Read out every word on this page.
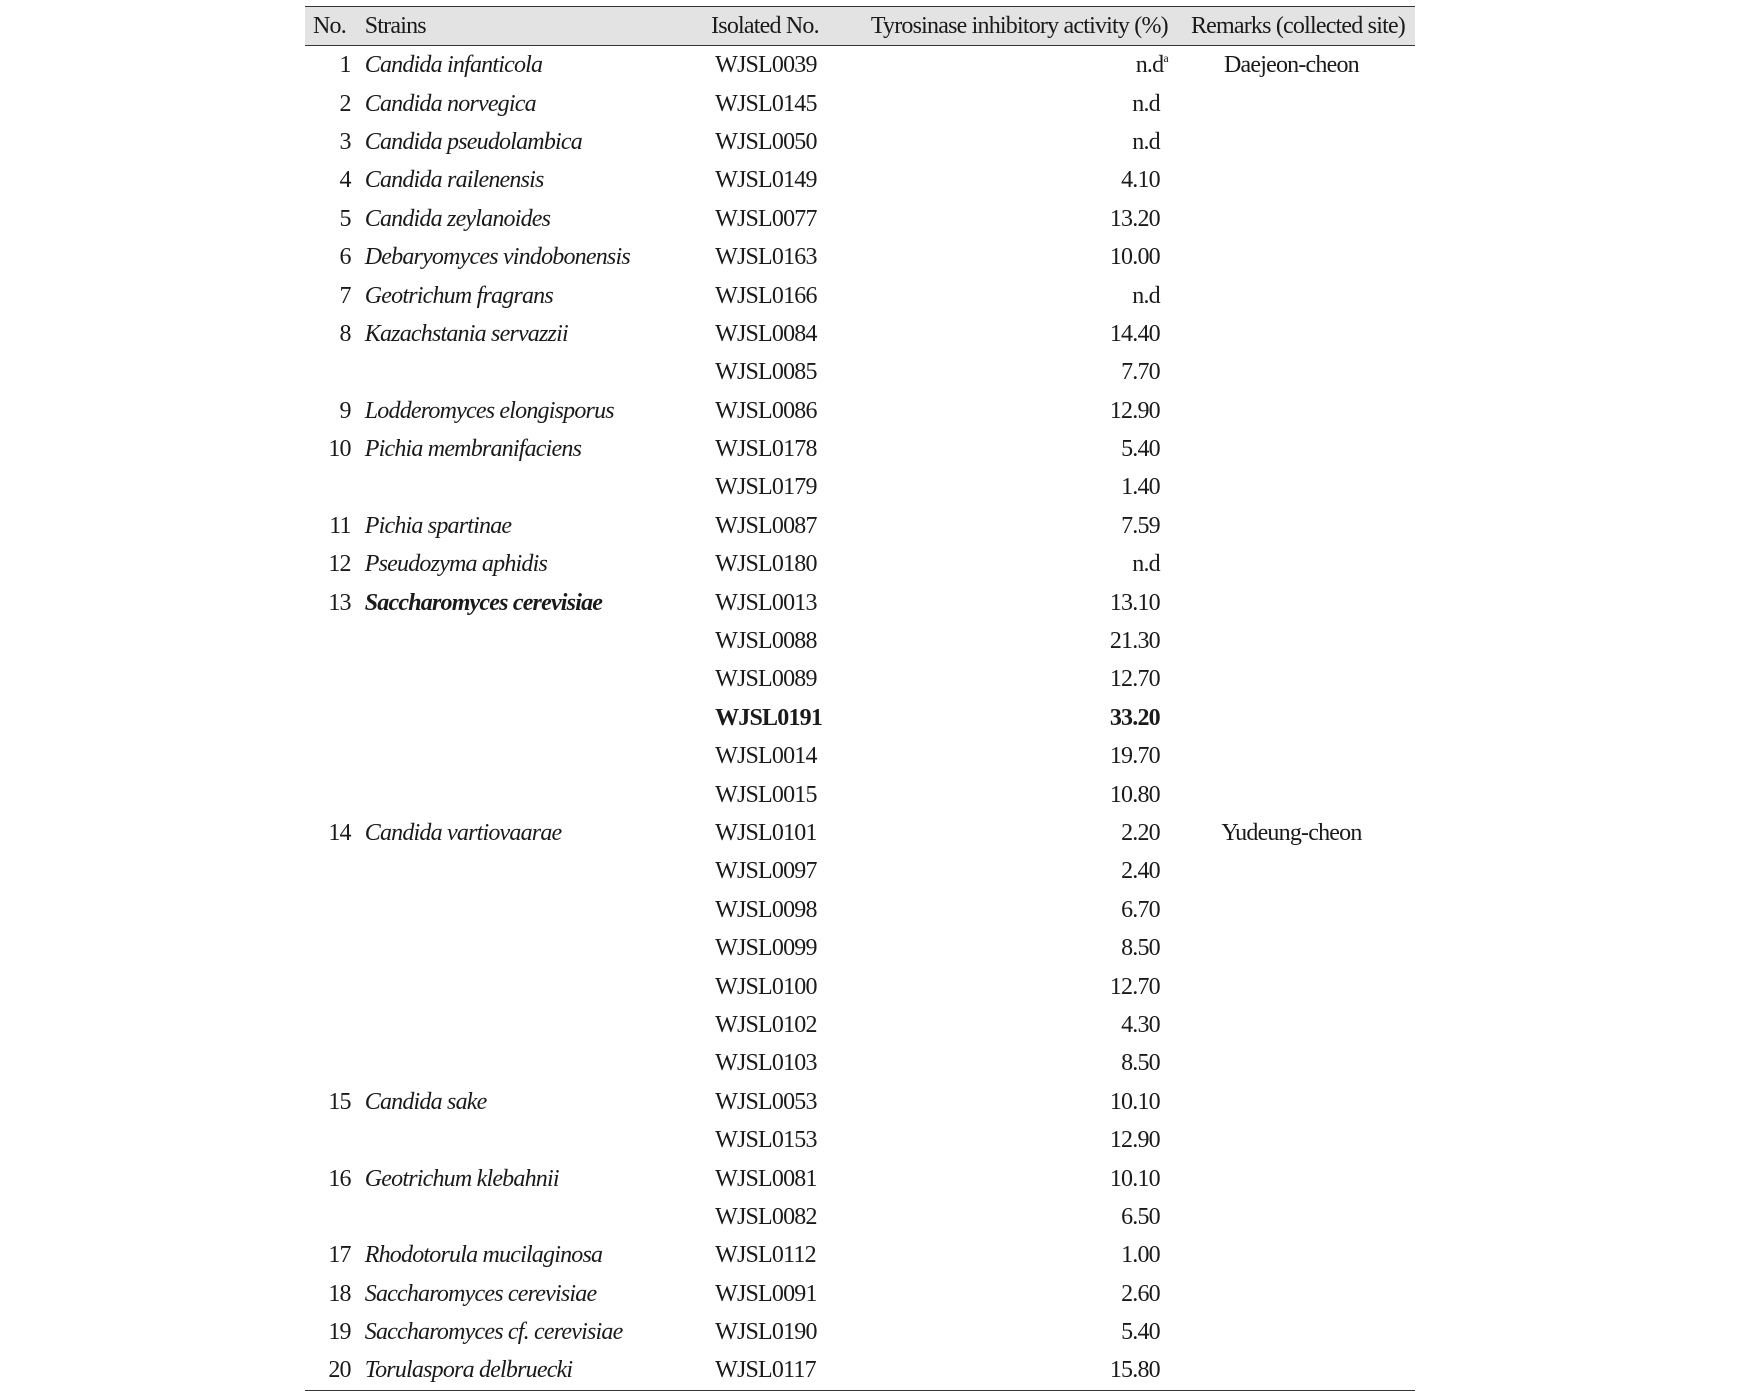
No.	Strains	Isolated No.	Tyrosinase inhibitory activity (%)	Remarks (collected site)
1	Candida infanticola	WJSL0039	$n.d^a$	Daejeon-cheon
2	Candida norvegica	WJSL0145	n.d	
3	Candida pseudolambica	WJSL0050	n.d	
4	Candida railenensis	WJSL0149	4.10	
5	Candida zeylanoides	WJSL0077	13.20	
6	Debaryomyces vindobonensis	WJSL0163	10.00	
7	Geotrichum fragrans	WJSL0166	n.d	
8	Kazachstania servazzii	WJSL0084	14.40	
		WJSL0085	7.70	
9	Lodderomyces elongisporus	WJSL0086	12.90	
10	Pichia membranifaciens	WJSL0178	5.40	
		WJSL0179	1.40	
11	Pichia spartinae	WJSL0087	7.59	
12	Pseudozyma aphidis	WJSL0180	n.d	
13	Saccharomyces cerevisiae	WJSL0013	13.10	
		WJSL0088	21.30	
		WJSL0089	12.70	
		WJSL0191	33.20	
		WJSL0014	19.70	
		WJSL0015	10.80	
14	Candida vartiovaarae	WJSL0101	2.20	Yudeung-cheon
		WJSL0097	2.40	
		WJSL0098	6.70	
		WJSL0099	8.50	
		WJSL0100	12.70	
		WJSL0102	4.30	
		WJSL0103	8.50	
15	Candida sake	WJSL0053	10.10	
		WJSL0153	12.90	
16	Geotrichum klebahnii	WJSL0081	10.10	
		WJSL0082	6.50	
17	Rhodotorula mucilaginosa	WJSL0112	1.00	
18	Saccharomyces cerevisiae	WJSL0091	2.60	
19	Saccharomyces cf. cerevisiae	WJSL0190	5.40	
20	Torulaspora delbruecki	WJSL0117	15.80	
